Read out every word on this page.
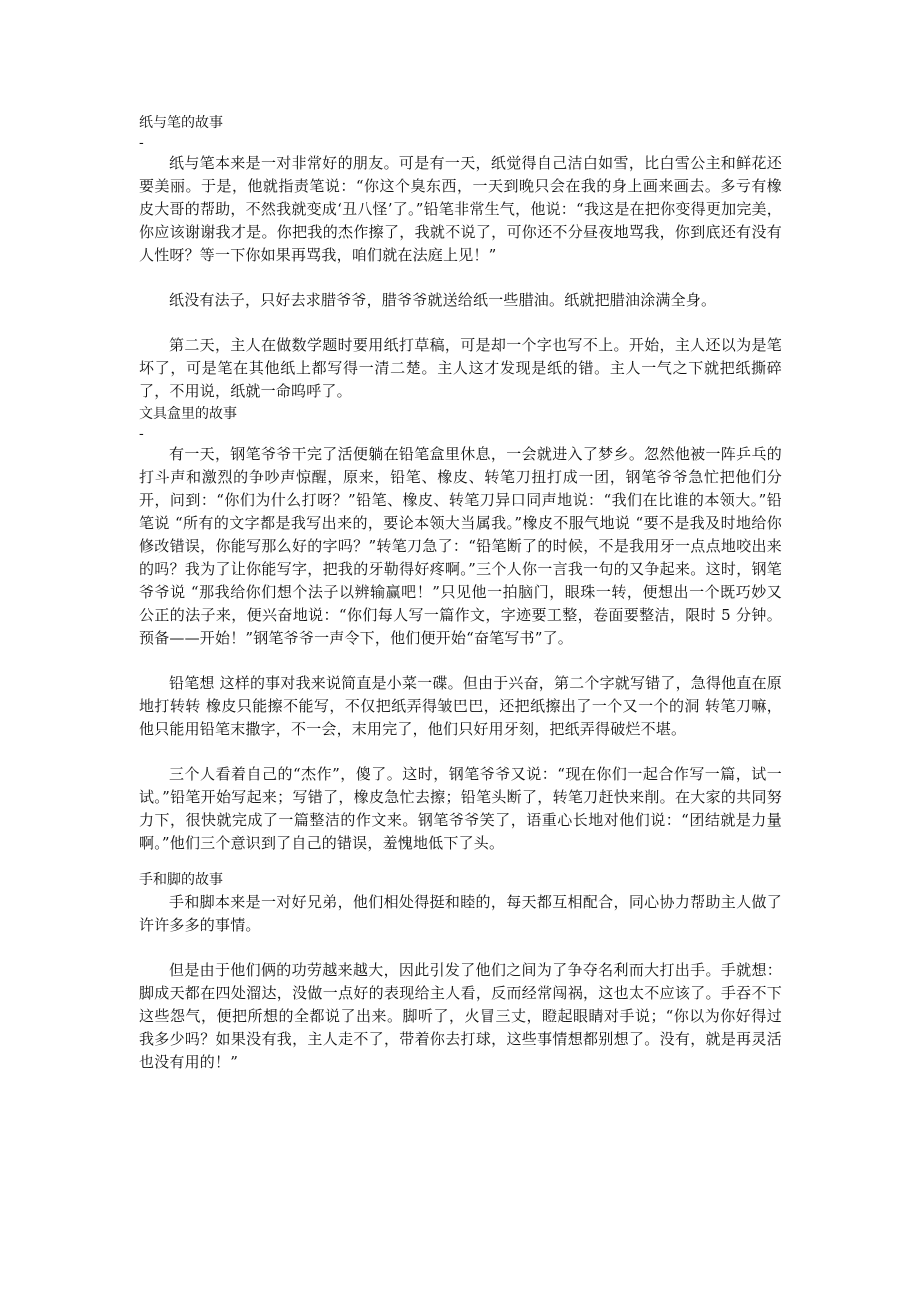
纸与笔的故事
-

纸与笔本来是一对非常好的朋友。可是有一天，纸觉得自己洁白如雪，比白雪公主和鲜花还要美丽。于是，他就指责笔说：“你这个臭东西，一天到晚只会在我的身上画来画去。多亏有橡皮大哥的帮助，不然我就变成‘丑八怪’了。”铅笔非常生气，他说：“我这是在把你变得更加完美，你应该谢谢我才是。你把我的杰作擦了，我就不说了，可你还不分昼夜地骂我，你到底还有没有人性呀？等一下你如果再骂我，咱们就在法庭上见！”

纸没有法子，只好去求腊爷爷，腊爷爷就送给纸一些腊油。纸就把腊油涂满全身。

第二天，主人在做数学题时要用纸打草稿，可是却一个字也写不上。开始，主人还以为是笔坏了，可是笔在其他纸上都写得一清二楚。主人这才发现是纸的错。主人一气之下就把纸撕碎了，不用说，纸就一命呜呼了。

文具盒里的故事
-

有一天，钢笔爷爷干完了活便躺在铅笔盒里休息，一会就进入了梦乡。忽然他被一阵乒乓的打斗声和激烈的争吵声惊醒，原来，铅笔、橡皮、转笔刀扭打成一团，钢笔爷爷急忙把他们分开，问到：“你们为什么打呀？”铅笔、橡皮、转笔刀异口同声地说：“我们在比谁的本领大。”铅笔说 “所有的文字都是我写出来的，要论本领大当属我。”橡皮不服气地说 “要不是我及时地给你修改错误，你能写那么好的字吗？”转笔刀急了：“铅笔断了的时候，不是我用牙一点点地咬出来的吗？我为了让你能写字，把我的牙勒得好疼啊。”三个人你一言我一句的又争起来。这时，钢笔爷爷说 “那我给你们想个法子以辨输赢吧！”只见他一拍脑门，眼珠一转，便想出一个既巧妙又公正的法子来，便兴奋地说：“你们每人写一篇作文，字迹要工整，卷面要整洁，限时 5 分钟。预备——开始！”钢笔爷爷一声令下，他们便开始“奋笔写书”了。

铅笔想 这样的事对我来说简直是小菜一碟。但由于兴奋，第二个字就写错了，急得他直在原地打转转 橡皮只能擦不能写，不仅把纸弄得皱巴巴，还把纸擦出了一个又一个的洞 转笔刀嘛，他只能用铅笔末撒字，不一会，末用完了，他们只好用牙刻，把纸弄得破烂不堪。

三个人看着自己的“杰作”，傻了。这时，钢笔爷爷又说：“现在你们一起合作写一篇，试一试。”铅笔开始写起来；写错了，橡皮急忙去擦；铅笔头断了，转笔刀赶快来削。在大家的共同努力下，很快就完成了一篇整洁的作文来。钢笔爷爷笑了，语重心长地对他们说：“团结就是力量啊。”他们三个意识到了自己的错误，羞愧地低下了头。

手和脚的故事

手和脚本来是一对好兄弟，他们相处得挺和睦的，每天都互相配合，同心协力帮助主人做了许许多多的事情。

但是由于他们俩的功劳越来越大，因此引发了他们之间为了争夺名利而大打出手。手就想：脚成天都在四处溜达，没做一点好的表现给主人看，反而经常闯祸，这也太不应该了。手吞不下这些怨气，便把所想的全都说了出来。脚听了，火冒三丈，瞪起眼睛对手说；“你以为你好得过我多少吗？如果没有我，主人走不了，带着你去打球，这些事情想都别想了。没有，就是再灵活也没有用的！”
